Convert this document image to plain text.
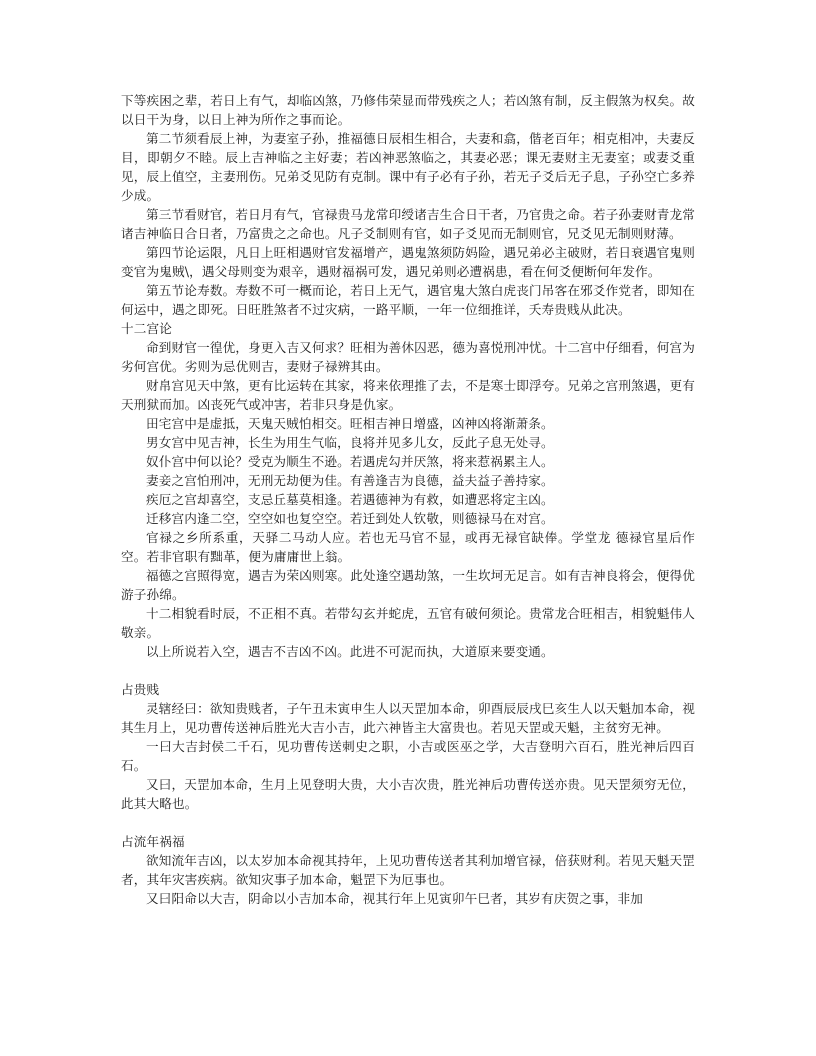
下等疾困之辈，若日上有气，却临凶煞，乃修伟荣显而带残疾之人；若凶煞有制，反主假煞为权矣。故以日干为身，以日上神为所作之事而论。

第二节须看辰上神，为妻室子孙，推福德日辰相生相合，夫妻和翕，偕老百年；相克相冲，夫妻反目，即朝夕不睦。辰上吉神临之主好妻；若凶神恶煞临之，其妻必恶；课无妻财主无妻室；或妻爻重见，辰上值空，主妻刑伤。兄弟爻见防有克制。课中有子必有子孙，若无子爻后无子息，子孙空亡多养少成。

第三节看财官，若日月有气，官禄贵马龙常印绶诸吉生合日干者，乃官贵之命。若子孙妻财青龙常诸吉神临日合日者，乃富贵之之命也。凡子爻制则有官，如子爻见而无制则官，兄爻见无制则财薄。

第四节论运限，凡日上旺相遇财官发福增产，遇鬼煞须防妈险，遇兄弟必主破财，若日衰遇官鬼则变官为鬼贼\，遇父母则变为艰辛，遇财福祸可发，遇兄弟则必遭祸患，看在何爻便断何年发作。

第五节论寿数。寿数不可一概而论，若日上无气，遇官鬼大煞白虎丧门吊客在邪爻作党者，即知在何运中，遇之即死。日旺胜煞者不过灾病，一路平顺，一年一位细推详，夭寿贵贱从此决。

十二宫论

命到财官一徨优，身更入吉又何求？旺相为善休囚恶，德为喜悦刑冲忧。十二宫中仔细看，何宫为劣何宫优。劣则为忌优则吉，妻财子禄辨其由。

财帛宫见天中煞，更有比运转在其家，将来依理推了去，不是寒士即浮夸。兄弟之宫刑煞遇，更有天刑狱而加。凶丧死气或冲害，若非只身是仇家。

田宅宫中是虚抵，天鬼天贼怕相交。旺相吉神日增盛，凶神凶将渐萧条。

男女宫中见吉神，长生为用生气临，良将并见多儿女，反此子息无处寻。

奴仆宫中何以论？受克为顺生不逊。若遇虎勾并厌煞，将来惹祸累主人。

妻妾之宫怕刑冲，无刑无劫便为佳。有善逢吉为良德，益夫益子善持家。

疾厄之宫却喜空，支忌丘墓莫相逢。若遇德神为有救，如遭恶将定主凶。

迁移宫内逢二空，空空如也复空空。若迁到处人钦敬，则德禄马在对宫。

官禄之乡所系重，天驿二马动人应。若也无马官不显，或再无禄官缺俸。学堂龙 德禄官星后作空。若非官职有黜革，便为庸庸世上翁。

福德之宫照得宽，遇吉为荣凶则寒。此处逢空遇劫煞，一生坎坷无足言。如有吉神良将会，便得优游子孙绵。

十二相貌看时辰，不正相不真。若带勾玄并蛇虎，五官有破何须论。贵常龙合旺相吉，相貌魁伟人敬亲。

以上所说若入空，遇吉不吉凶不凶。此进不可泥而执，大道原来要变通。

占贵贱

灵辖经曰：欲知贵贱者，子午丑未寅申生人以天罡加本命，卯酉辰辰戌巳亥生人以天魁加本命，视其生月上，见功曹传送神后胜光大吉小吉，此六神皆主大富贵也。若见天罡或天魁，主贫穷无神。

一曰大吉封侯二千石，见功曹传送刺史之职，小吉或医巫之学，大吉登明六百石，胜光神后四百石。

又曰，天罡加本命，生月上见登明大贵，大小吉次贵，胜光神后功曹传送亦贵。见天罡须穷无位，此其大略也。

占流年祸福

欲知流年吉凶，以太岁加本命视其持年，上见功曹传送者其利加增官禄，倍获财利。若见天魁天罡者，其年灾害疾病。欲知灾事子加本命，魁罡下为厄事也。

又曰阳命以大吉，阴命以小吉加本命，视其行年上见寅卯午巳者，其岁有庆贺之事，非加
